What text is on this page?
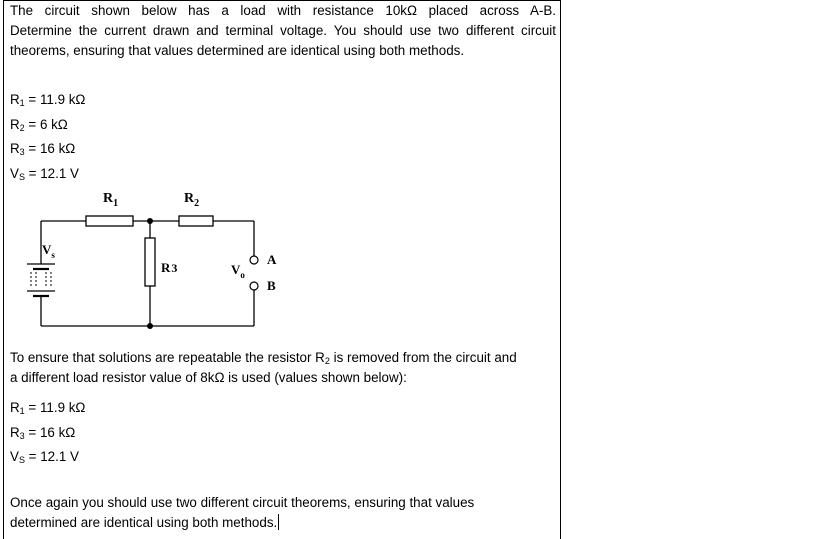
The circuit shown below has a load with resistance 10kΩ placed across A-B.
Determine the current drawn and terminal voltage. You should use two different circuit
theorems, ensuring that values determined are identical using both methods.

$R_1 = 11.9$ kΩ
$R_2 = 6$ kΩ
$R_3 = 16$ kΩ
$V_S = 12.1$ V
$R_1$	$R_2$
R3
$V_s$
$V_o$
A
B

To ensure that solutions are repeatable the resistor $R_2$ is removed from the circuit and
a different load resistor value of 8kΩ is used (values shown below):

$R_1 = 11.9$ kΩ
$R_3 = 16$ kΩ
$V_S = 12.1$ V

Once again you should use two different circuit theorems, ensuring that values
determined are identical using both methods.
